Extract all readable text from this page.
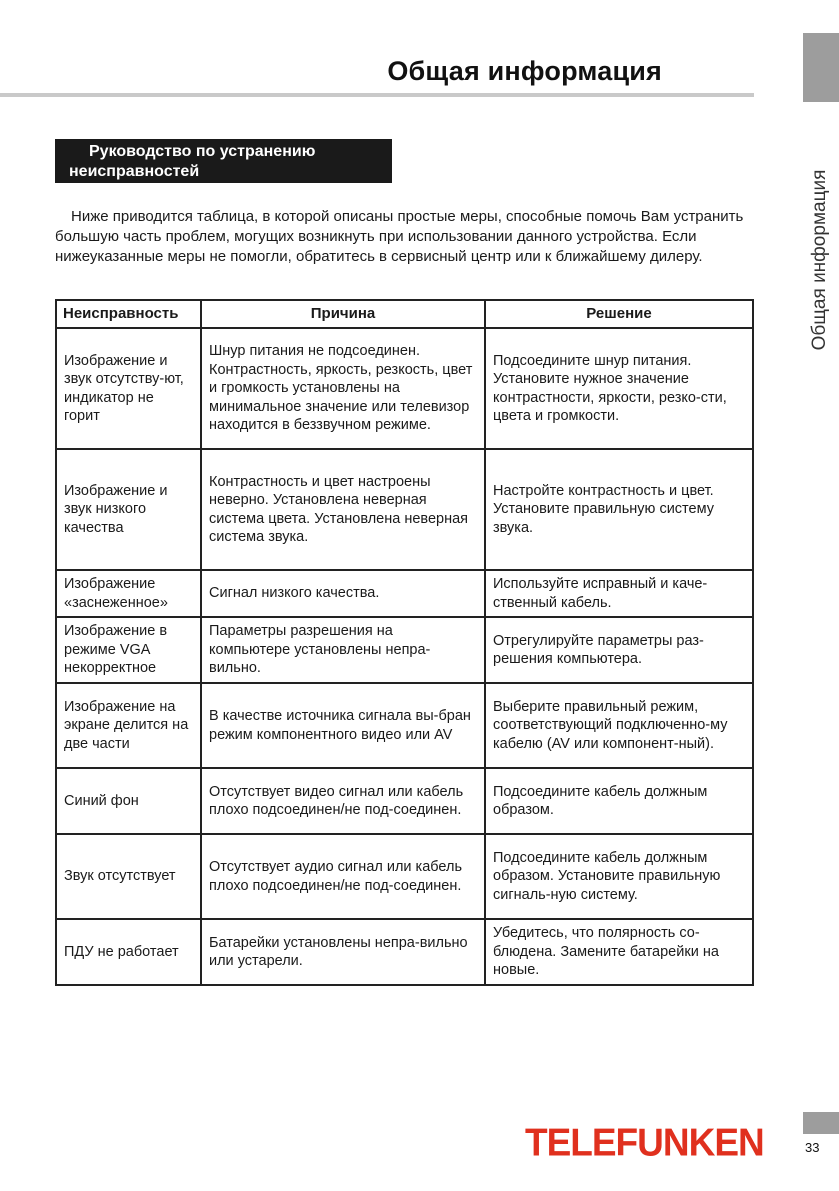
Общая информация
Общая информация
Руководство по устранению
неисправностей

Ниже приводится таблица, в которой описаны простые меры, способные помочь Вам устранить большую часть проблем, могущих возникнуть при использовании данного устройства. Если нижеуказанные меры не помогли, обратитесь в сервисный центр или к ближайшему дилеру.

Неисправность	Причина	Решение
Изображение и звук отсутству-ют, индикатор не горит	Шнур питания не подсоединен. Контрастность, яркость, резкость, цвет и громкость установлены на минимальное значение или телевизор находится в беззвучном режиме.	Подсоедините шнур питания. Установите нужное значение контрастности, яркости, резко-сти, цвета и громкости.
Изображение и звук низкого качества	Контрастность и цвет настроены неверно. Установлена неверная система цвета. Установлена неверная система звука.	Настройте контрастность и цвет. Установите правильную систему звука.
Изображение «заснеженное»	Сигнал низкого качества.	Используйте исправный и каче-ственный кабель.
Изображение в режиме VGA некорректное	Параметры разрешения на компьютере установлены непра-вильно.	Отрегулируйте параметры раз-решения компьютера.
Изображение на экране делится на две части	В качестве источника сигнала вы-бран режим компонентного видео или AV	Выберите правильный режим, соответствующий подключенно-му кабелю (AV или компонент-ный).
Синий фон	Отсутствует видео сигнал или кабель плохо подсоединен/не под-соединен.	Подсоедините кабель должным образом.
Звук отсутствует	Отсутствует аудио сигнал или кабель плохо подсоединен/не под-соединен.	Подсоедините кабель должным образом. Установите правильную сигналь-ную систему.
ПДУ не работает	Батарейки установлены непра-вильно или устарели.	Убедитесь, что полярность со-блюдена. Замените батарейки на новые.
TELEFUNKEN	33
